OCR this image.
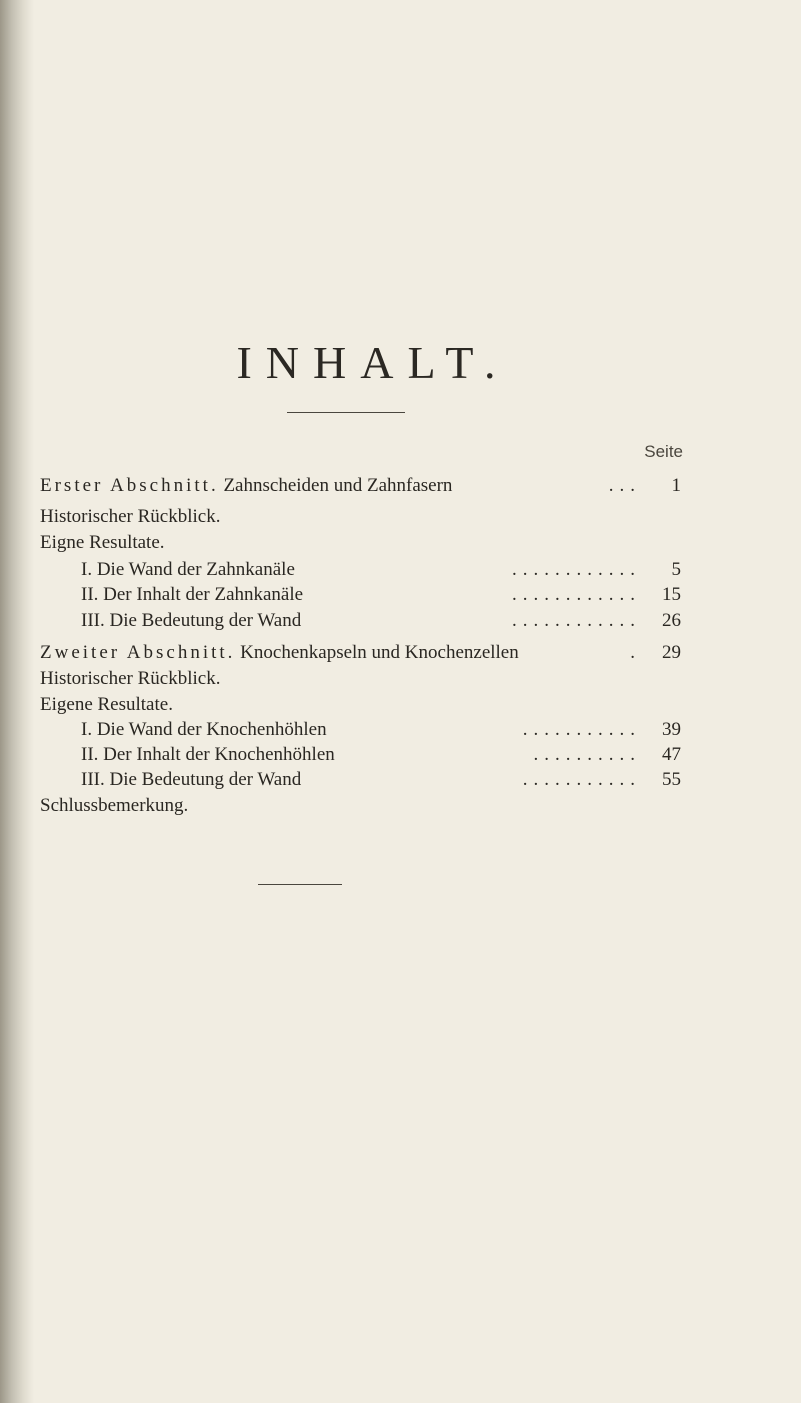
INHALT.
Seite
Erster Abschnitt. Zahnscheiden und Zahnfasern	...	1
Historischer Rückblick.
Eigne Resultate.
I. Die Wand der Zahnkanäle	............	5
II. Der Inhalt der Zahnkanäle	............	15
III. Die Bedeutung der Wand	............	26
Zweiter Abschnitt. Knochenkapseln und Knochenzellen	.	29
Historischer Rückblick.
Eigene Resultate.
I. Die Wand der Knochenhöhlen	...........	39
II. Der Inhalt der Knochenhöhlen	..........	47
III. Die Bedeutung der Wand	...........	55
Schlussbemerkung.
